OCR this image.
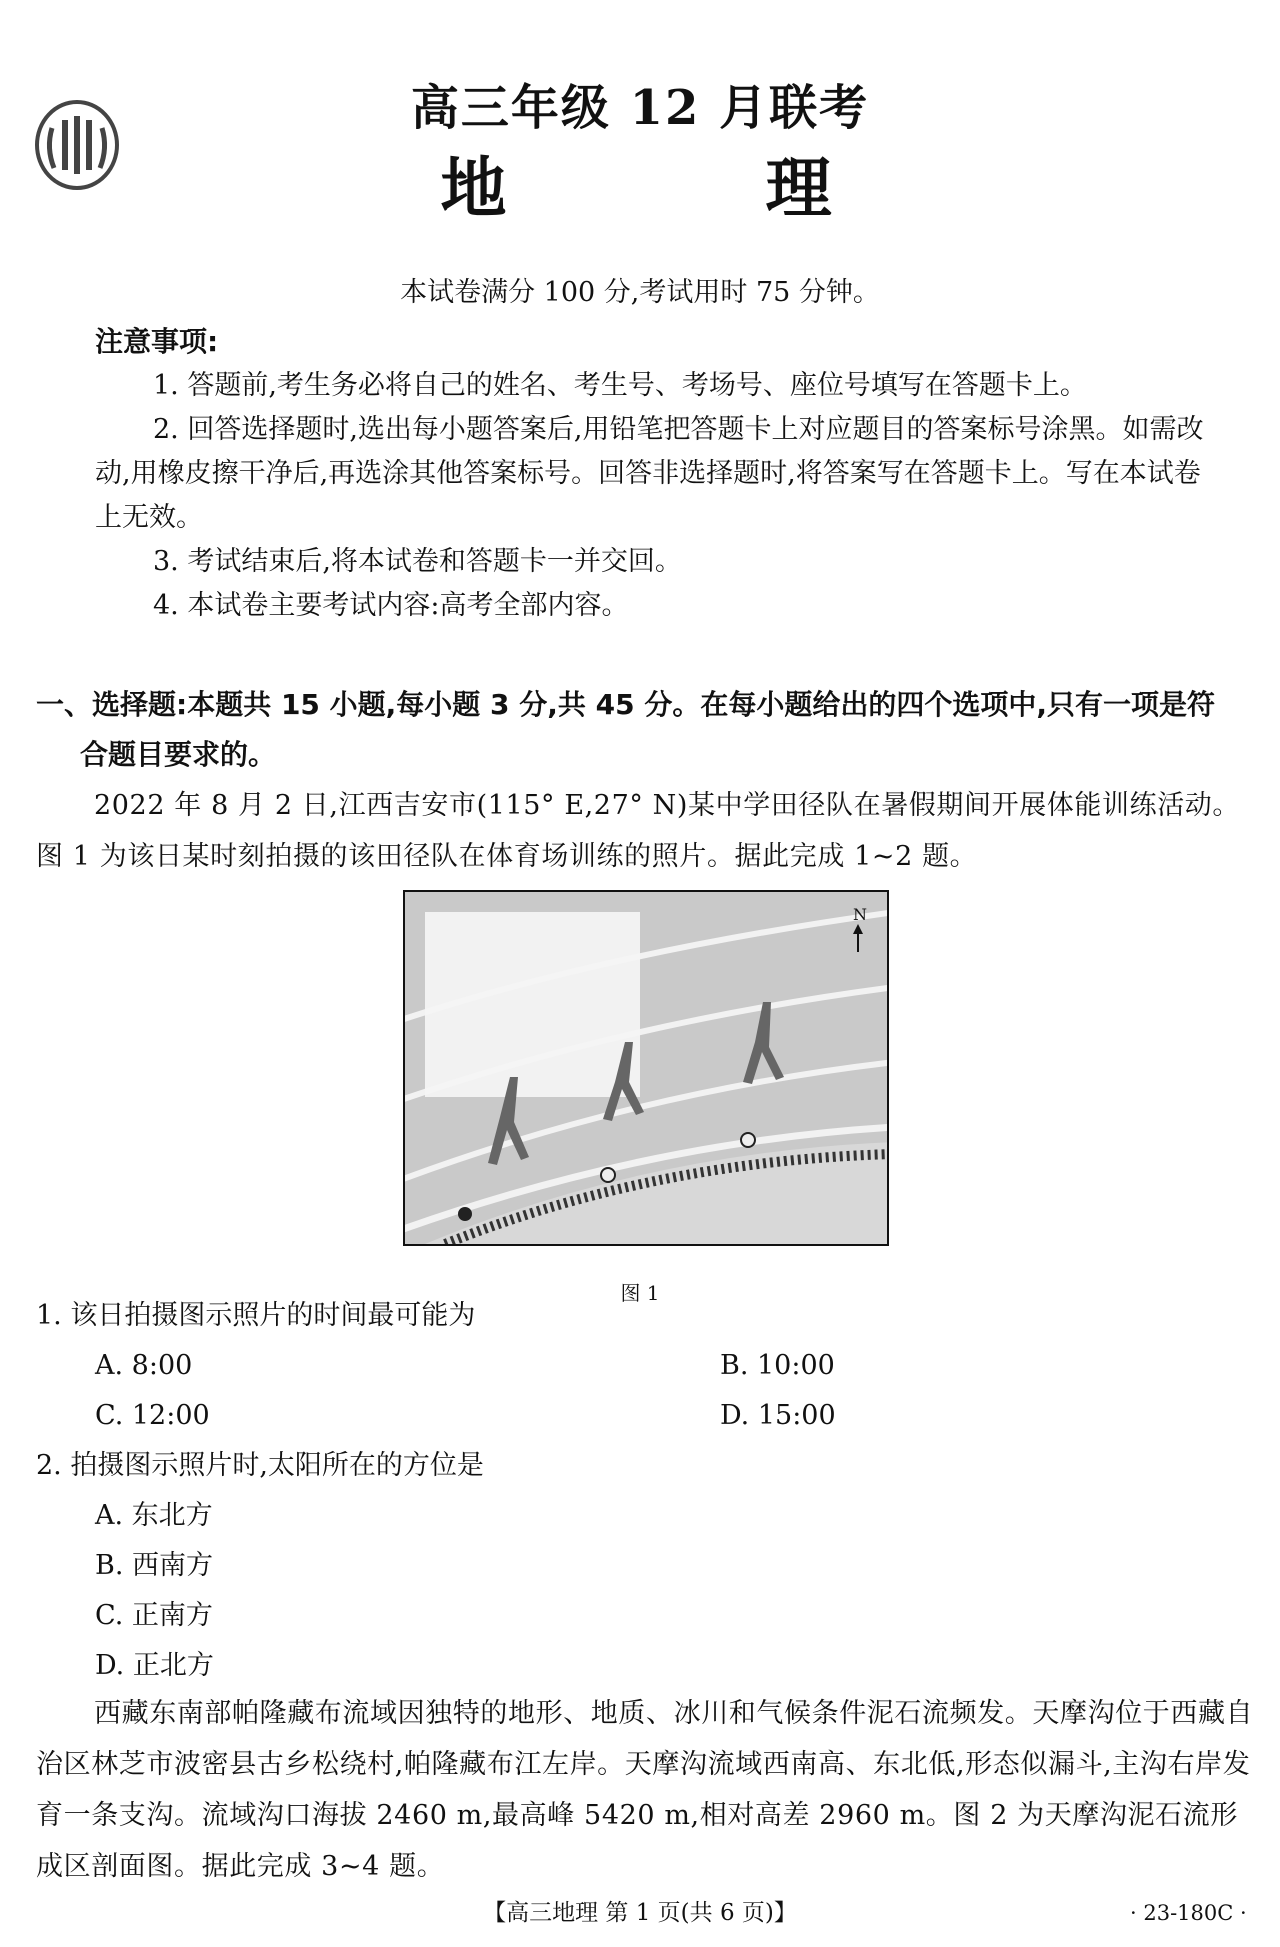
高三年级 12 月联考
地 理
本试卷满分 100 分,考试用时 75 分钟。
注意事项:

1. 答题前,考生务必将自己的姓名、考生号、考场号、座位号填写在答题卡上。

2. 回答选择题时,选出每小题答案后,用铅笔把答题卡上对应题目的答案标号涂黑。如需改动,用橡皮擦干净后,再选涂其他答案标号。回答非选择题时,将答案写在答题卡上。写在本试卷上无效。

3. 考试结束后,将本试卷和答题卡一并交回。

4. 本试卷主要考试内容:高考全部内容。

一、选择题:本题共 15 小题,每小题 3 分,共 45 分。在每小题给出的四个选项中,只有一项是符
合题目要求的。

2022 年 8 月 2 日,江西吉安市(115° E,27° N)某中学田径队在暑假期间开展体能训练活动。图 1 为该日某时刻拍摄的该田径队在体育场训练的照片。据此完成 1~2 题。

N
图 1
1. 该日拍摄图示照片的时间最可能为
A. 8:00	B. 10:00
C. 12:00	D. 15:00
2. 拍摄图示照片时,太阳所在的方位是
A. 东北方
B. 西南方
C. 正南方
D. 正北方

西藏东南部帕隆藏布流域因独特的地形、地质、冰川和气候条件泥石流频发。天摩沟位于西藏自治区林芝市波密县古乡松绕村,帕隆藏布江左岸。天摩沟流域西南高、东北低,形态似漏斗,主沟右岸发育一条支沟。流域沟口海拔 2460 m,最高峰 5420 m,相对高差 2960 m。图 2 为天摩沟泥石流形成区剖面图。据此完成 3~4 题。

【高三地理 第 1 页(共 6 页)】	· 23-180C ·
